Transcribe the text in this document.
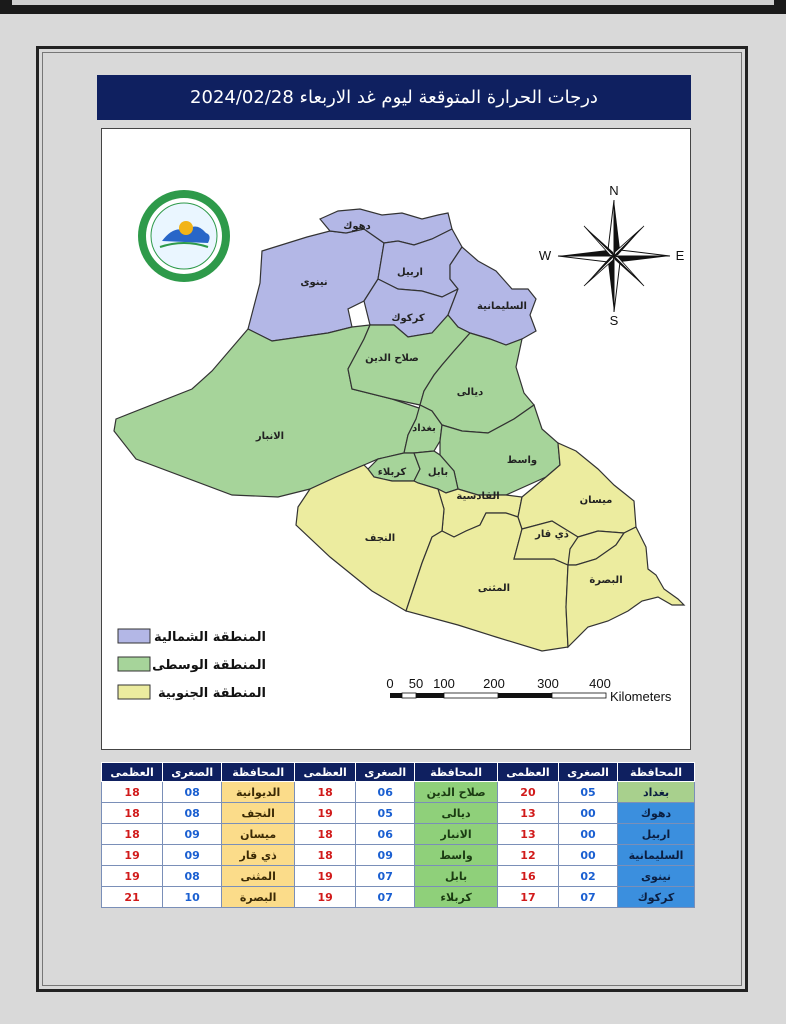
درجات الحرارة المتوقعة ليوم غد الاربعاء 2024/02/28
دهوك
نينوى
اربيل
كركوك
السليمانية
صلاح الدين
ديالى
الانبار
بغداد
واسط
كربلاء بابل
القادسية	ميسان
النجف	ذي قار
المثنى
البصرة
N
S
E
W
المنطقة الشمالية
المنطقة الوسطى
المنطقة الجنوبية
0 50 100 200 300 400
Kilometers
المحافظة	الصغرى	العظمى	المحافظة	الصغرى	العظمى	المحافظة	الصغرى	العظمى
بغداد	05	20	صلاح الدين	06	18	الديوانية	08	18
دهوك	00	13	ديالى	05	19	النجف	08	18
اربيل	00	13	الانبار	06	18	ميسان	09	18
السليمانية	00	12	واسط	09	18	ذي قار	09	19
نينوى	02	16	بابل	07	19	المثنى	08	19
كركوك	07	17	كربلاء	07	19	البصرة	10	21
